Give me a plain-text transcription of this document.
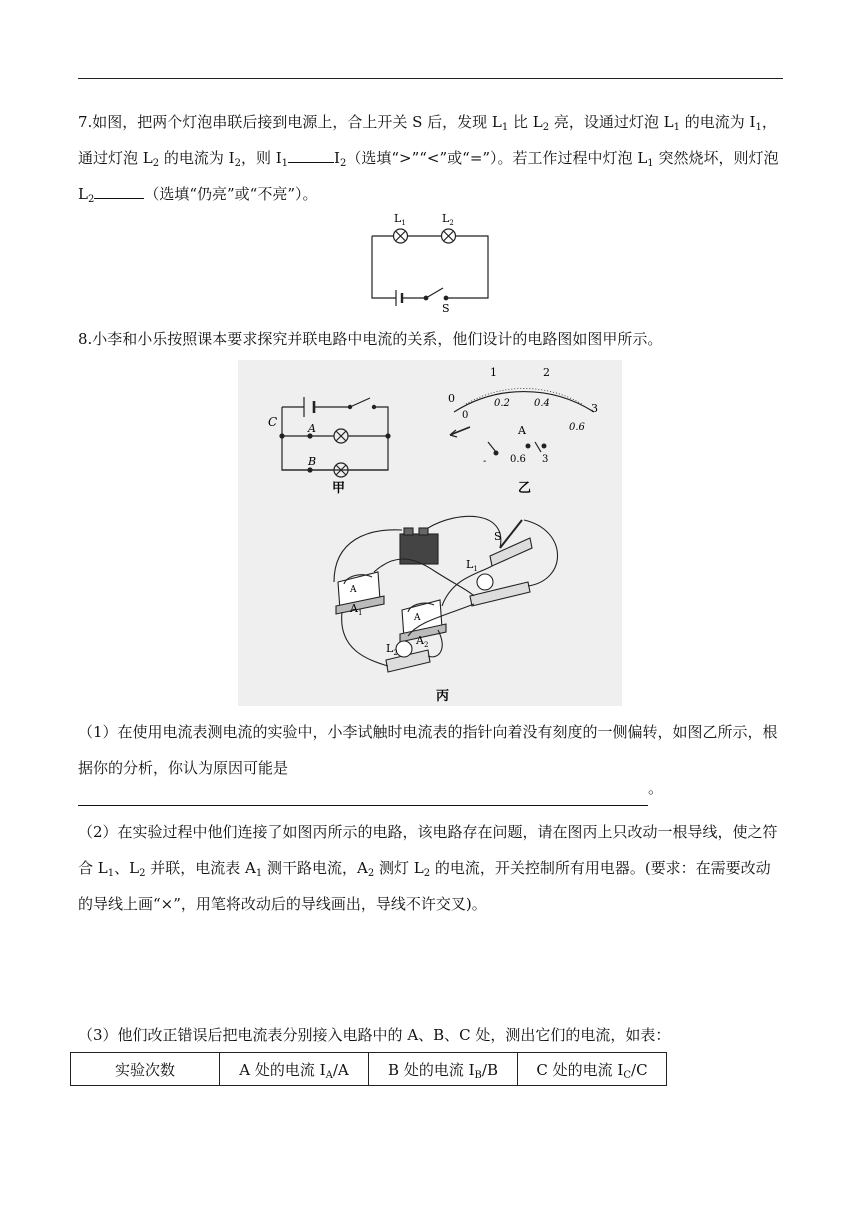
7.如图，把两个灯泡串联后接到电源上，合上开关 S 后，发现 $L_1$ 比 $L_2$ 亮，设通过灯泡 $L_1$ 的电流为 $I_1$，通过灯泡 $L_2$ 的电流为 $I_2$，则 $I_1$	$I_2$（选填“>”“<”或“=”）。若工作过程中灯泡 $L_1$ 突然烧坏，则灯泡 $L_2$	（选填“仍亮”或“不亮”）。
$L_1$	$L_2$
S
8.小李和小乐按照课本要求探究并联电路中电流的关系，他们设计的电路图如图甲所示。
C	A
B
甲
0
1	2
3
0
0.2 0.4
0.6
A
- 0.6 3
乙
A
A
$A_1$
$A_2$
$L_1$
$L_2$
S
丙
（1）在使用电流表测电流的实验中，小李试触时电流表的指针向着没有刻度的一侧偏转，如图乙所示，根据你的分析，你认为原因可能是
。
（2）在实验过程中他们连接了如图丙所示的电路，该电路存在问题，请在图丙上只改动一根导线，使之符合 $L_1$、$L_2$ 并联，电流表 $A_1$ 测干路电流，$A_2$ 测灯 $L_2$ 的电流，开关控制所有用电器。(要求：在需要改动的导线上画“×”，用笔将改动后的导线画出，导线不许交叉)。
（3）他们改正错误后把电流表分别接入电路中的 A、B、C 处，测出它们的电流，如表：
实验次数	A 处的电流 $I_A/A$	B 处的电流 $I_B/B$	C 处的电流 $I_C/C$
